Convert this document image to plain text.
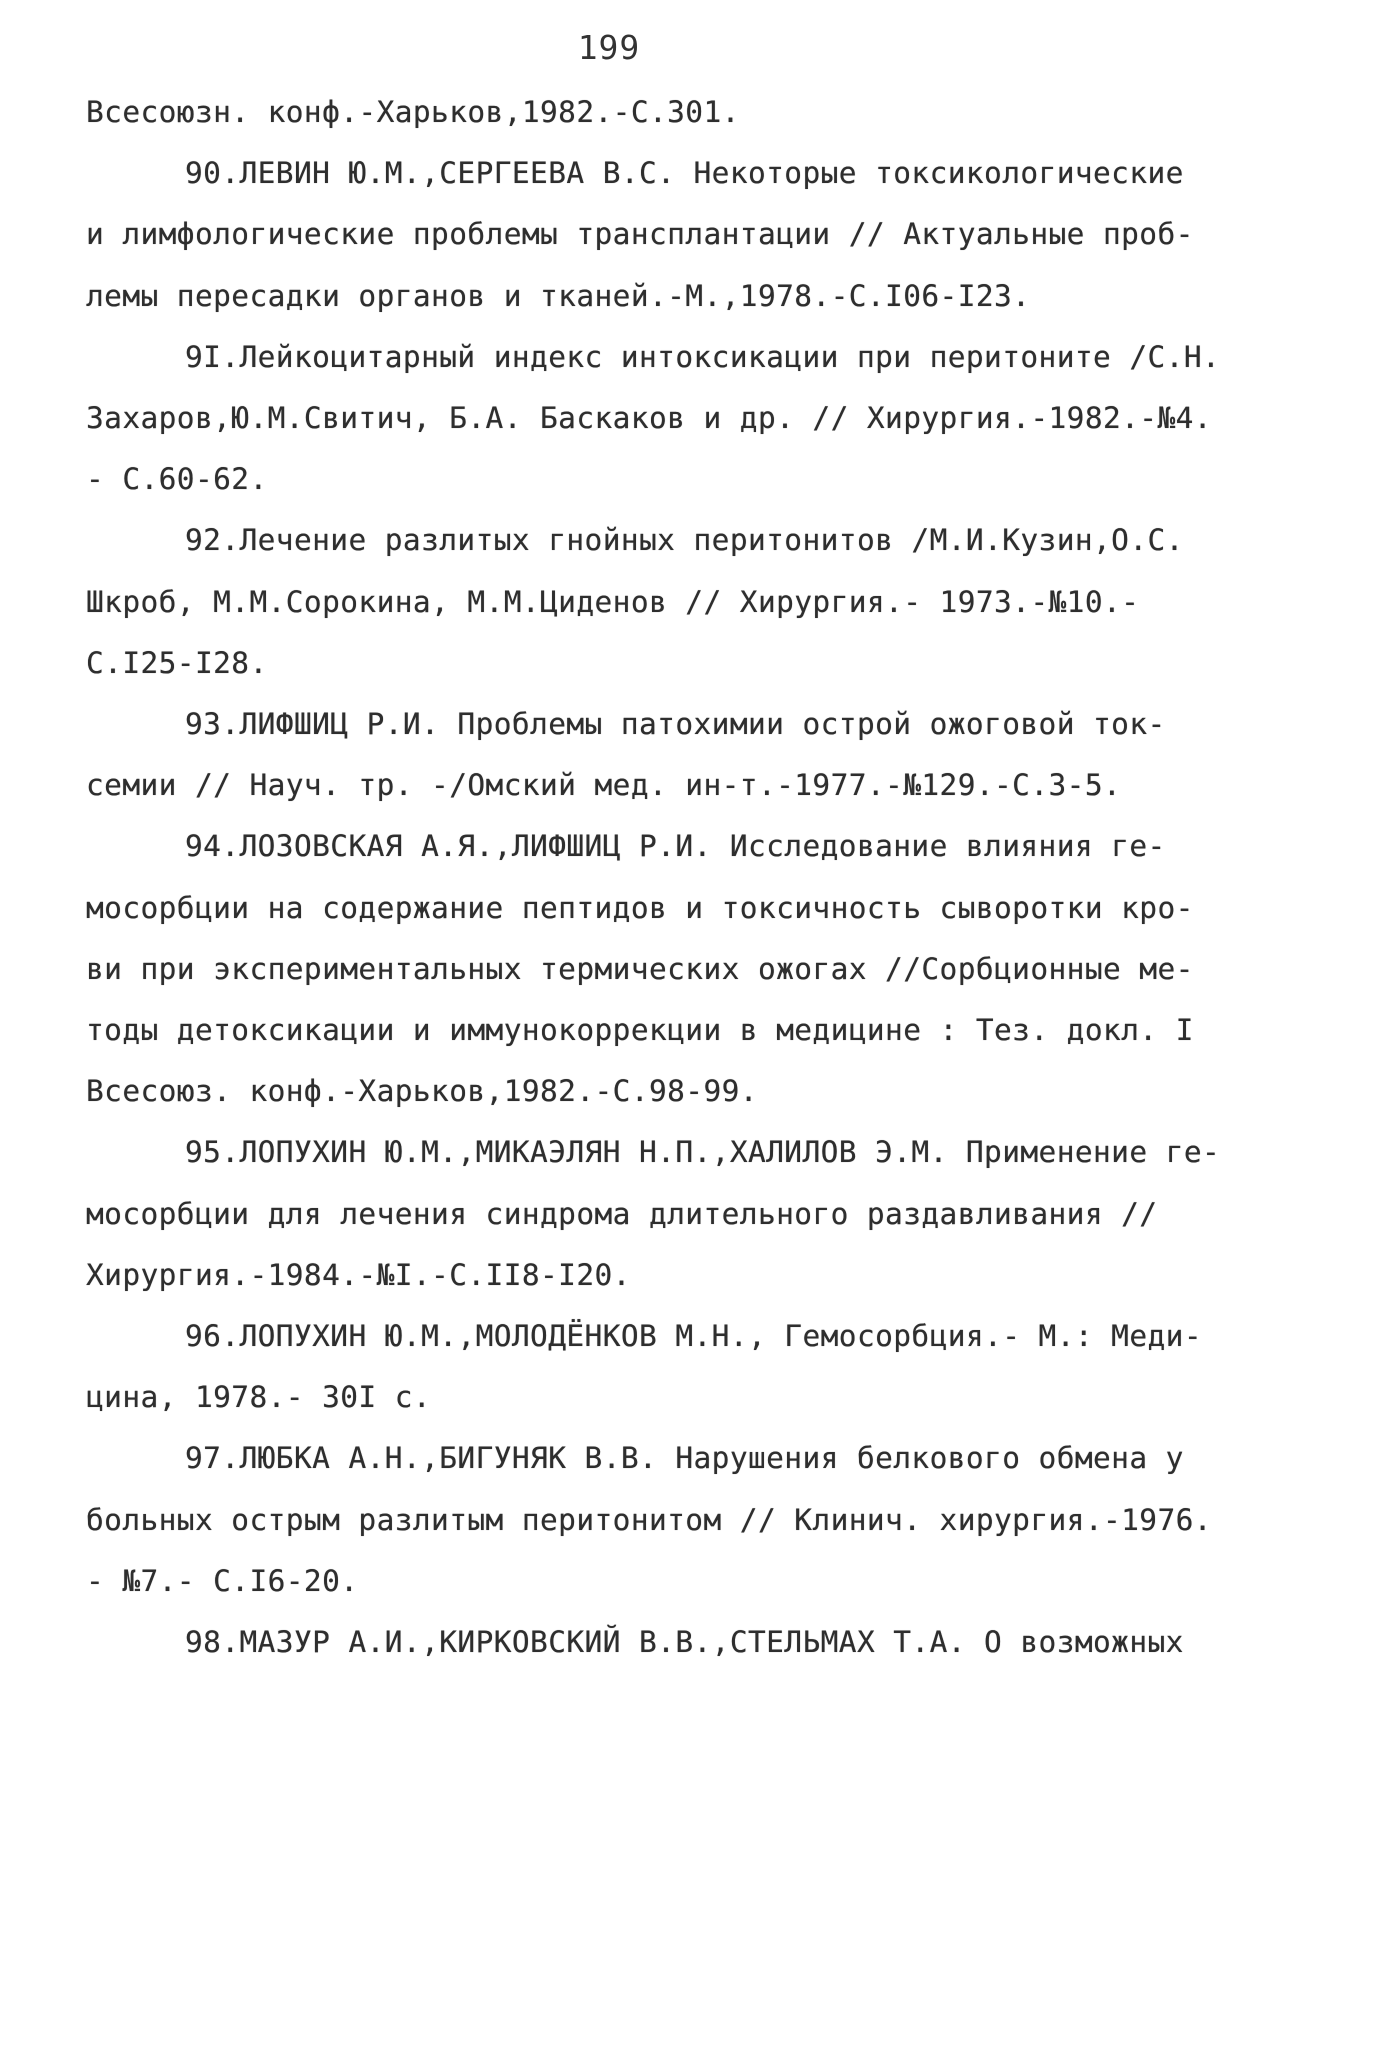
199
Всесоюзн. конф.-Харьков,1982.-С.301.
90.ЛЕВИН Ю.М.,СЕРГЕЕВА В.С. Некоторые токсикологические
и лимфологические проблемы трансплантации // Актуальные проб-
лемы пересадки органов и тканей.-М.,1978.-С.I06-I23.
9I.Лейкоцитарный индекс интоксикации при перитоните /С.Н.
Захаров,Ю.М.Свитич, Б.А. Баскаков и др. // Хирургия.-1982.-№4.
- С.60-62.
92.Лечение разлитых гнойных перитонитов /М.И.Кузин,О.С.
Шкроб, М.М.Сорокина, М.М.Циденов // Хирургия.- 1973.-№10.-
С.I25-I28.
93.ЛИФШИЦ Р.И. Проблемы патохимии острой ожоговой ток-
семии // Науч. тр. -/Омский мед. ин-т.-1977.-№129.-С.3-5.
94.ЛОЗОВСКАЯ А.Я.,ЛИФШИЦ Р.И. Исследование влияния ге-
мосорбции на содержание пептидов и токсичность сыворотки кро-
ви при экспериментальных термических ожогах //Сорбционные ме-
тоды детоксикации и иммунокоррекции в медицине : Тез. докл. I
Всесоюз. конф.-Харьков,1982.-С.98-99.
95.ЛОПУХИН Ю.М.,МИКАЭЛЯН Н.П.,ХАЛИЛОВ Э.М. Применение ге-
мосорбции для лечения синдрома длительного раздавливания //
Хирургия.-1984.-№I.-С.II8-I20.
96.ЛОПУХИН Ю.М.,МОЛОДЁНКОВ М.Н., Гемосорбция.- М.: Меди-
цина, 1978.- 30I с.
97.ЛЮБКА А.Н.,БИГУНЯК В.В. Нарушения белкового обмена у
больных острым разлитым перитонитом // Клинич. хирургия.-1976.
- №7.- С.I6-20.
98.МАЗУР А.И.,КИРКОВСКИЙ В.В.,СТЕЛЬМАХ Т.А. О возможных
